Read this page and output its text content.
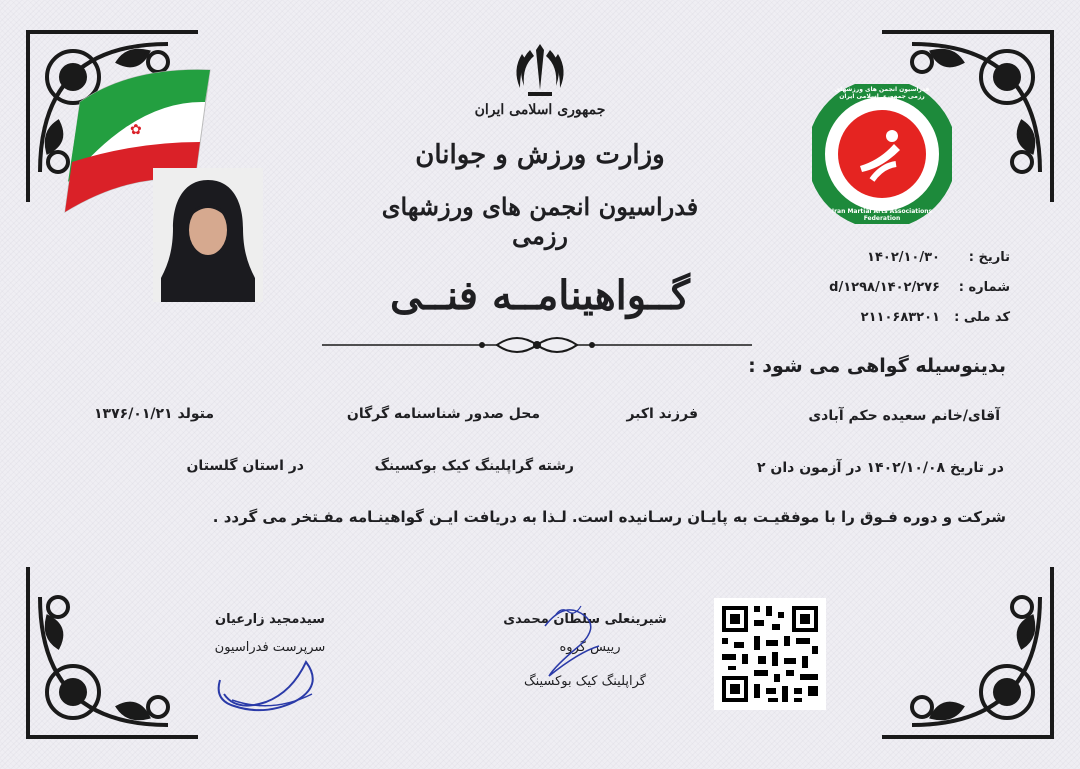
✿
جمهوری اسلامی ایران
وزارت ورزش و جوانان
فدراسیون انجمن های ورزشهای رزمی
گــواهینامــه فنــی
فدراسیون انجمن های ورزشهای رزمی جمهوری اسلامی ایران
Iran Martial Arts Associations Federation
تاریخ :
۱۴۰۲/۱۰/۳۰
شماره :
۱۴۰۲/۲۷۶/d/۱۲۹۸
کد ملی :
۲۱۱۰۶۸۳۲۰۱
بدینوسیله گواهی می شود :
آقای/خانم سعیده حکم آبادی
فرزند اکبر
محل صدور شناسنامه گرگان
متولد ۱۳۷۶/۰۱/۲۱
در تاریخ ۱۴۰۲/۱۰/۰۸ در آزمون دان ۲
رشته گراپلینگ کیک بوکسینگ
در استان گلستان
شرکت و دوره فـوق را با موفقیـت به پایـان رسـانیده است. لـذا به دریافت ایـن گواهینـامه مفـتخر می گردد .
سیدمجید زارعیان
سرپرست فدراسیون
شیرینعلی سلطان محمدی
رییس گروه
گراپلینگ کیک بوکسینگ
